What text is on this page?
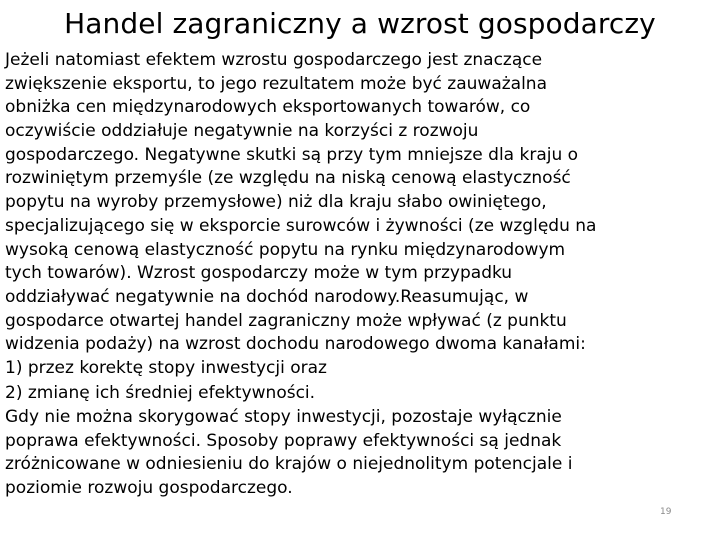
Handel zagraniczny a wzrost gospodarczy
Jeżeli natomiast efektem wzrostu gospodarczego jest znaczące
zwiększenie eksportu, to jego rezultatem może być zauważalna
obniżka cen międzynarodowych eksportowanych towarów, co
oczywiście oddziałuje negatywnie na korzyści z rozwoju
gospodarczego. Negatywne skutki są przy tym mniejsze dla kraju o
rozwiniętym przemyśle (ze względu na niską cenową elastyczność
popytu na wyroby przemysłowe) niż dla kraju słabo owiniętego,
specjalizującego się w eksporcie surowców i żywności (ze względu na
wysoką cenową elastyczność popytu na rynku międzynarodowym
tych towarów). Wzrost gospodarczy może w tym przypadku
oddziaływać negatywnie na dochód narodowy.Reasumując, w
gospodarce otwartej handel zagraniczny może wpływać (z punktu
widzenia podaży) na wzrost dochodu narodowego dwoma kanałami:
1) przez korektę stopy inwestycji oraz
2) zmianę ich średniej efektywności.
Gdy nie można skorygować stopy inwestycji, pozostaje wyłącznie
poprawa efektywności. Sposoby poprawy efektywności są jednak
zróżnicowane w odniesieniu do krajów o niejednolitym potencjale i
poziomie rozwoju gospodarczego.
19
